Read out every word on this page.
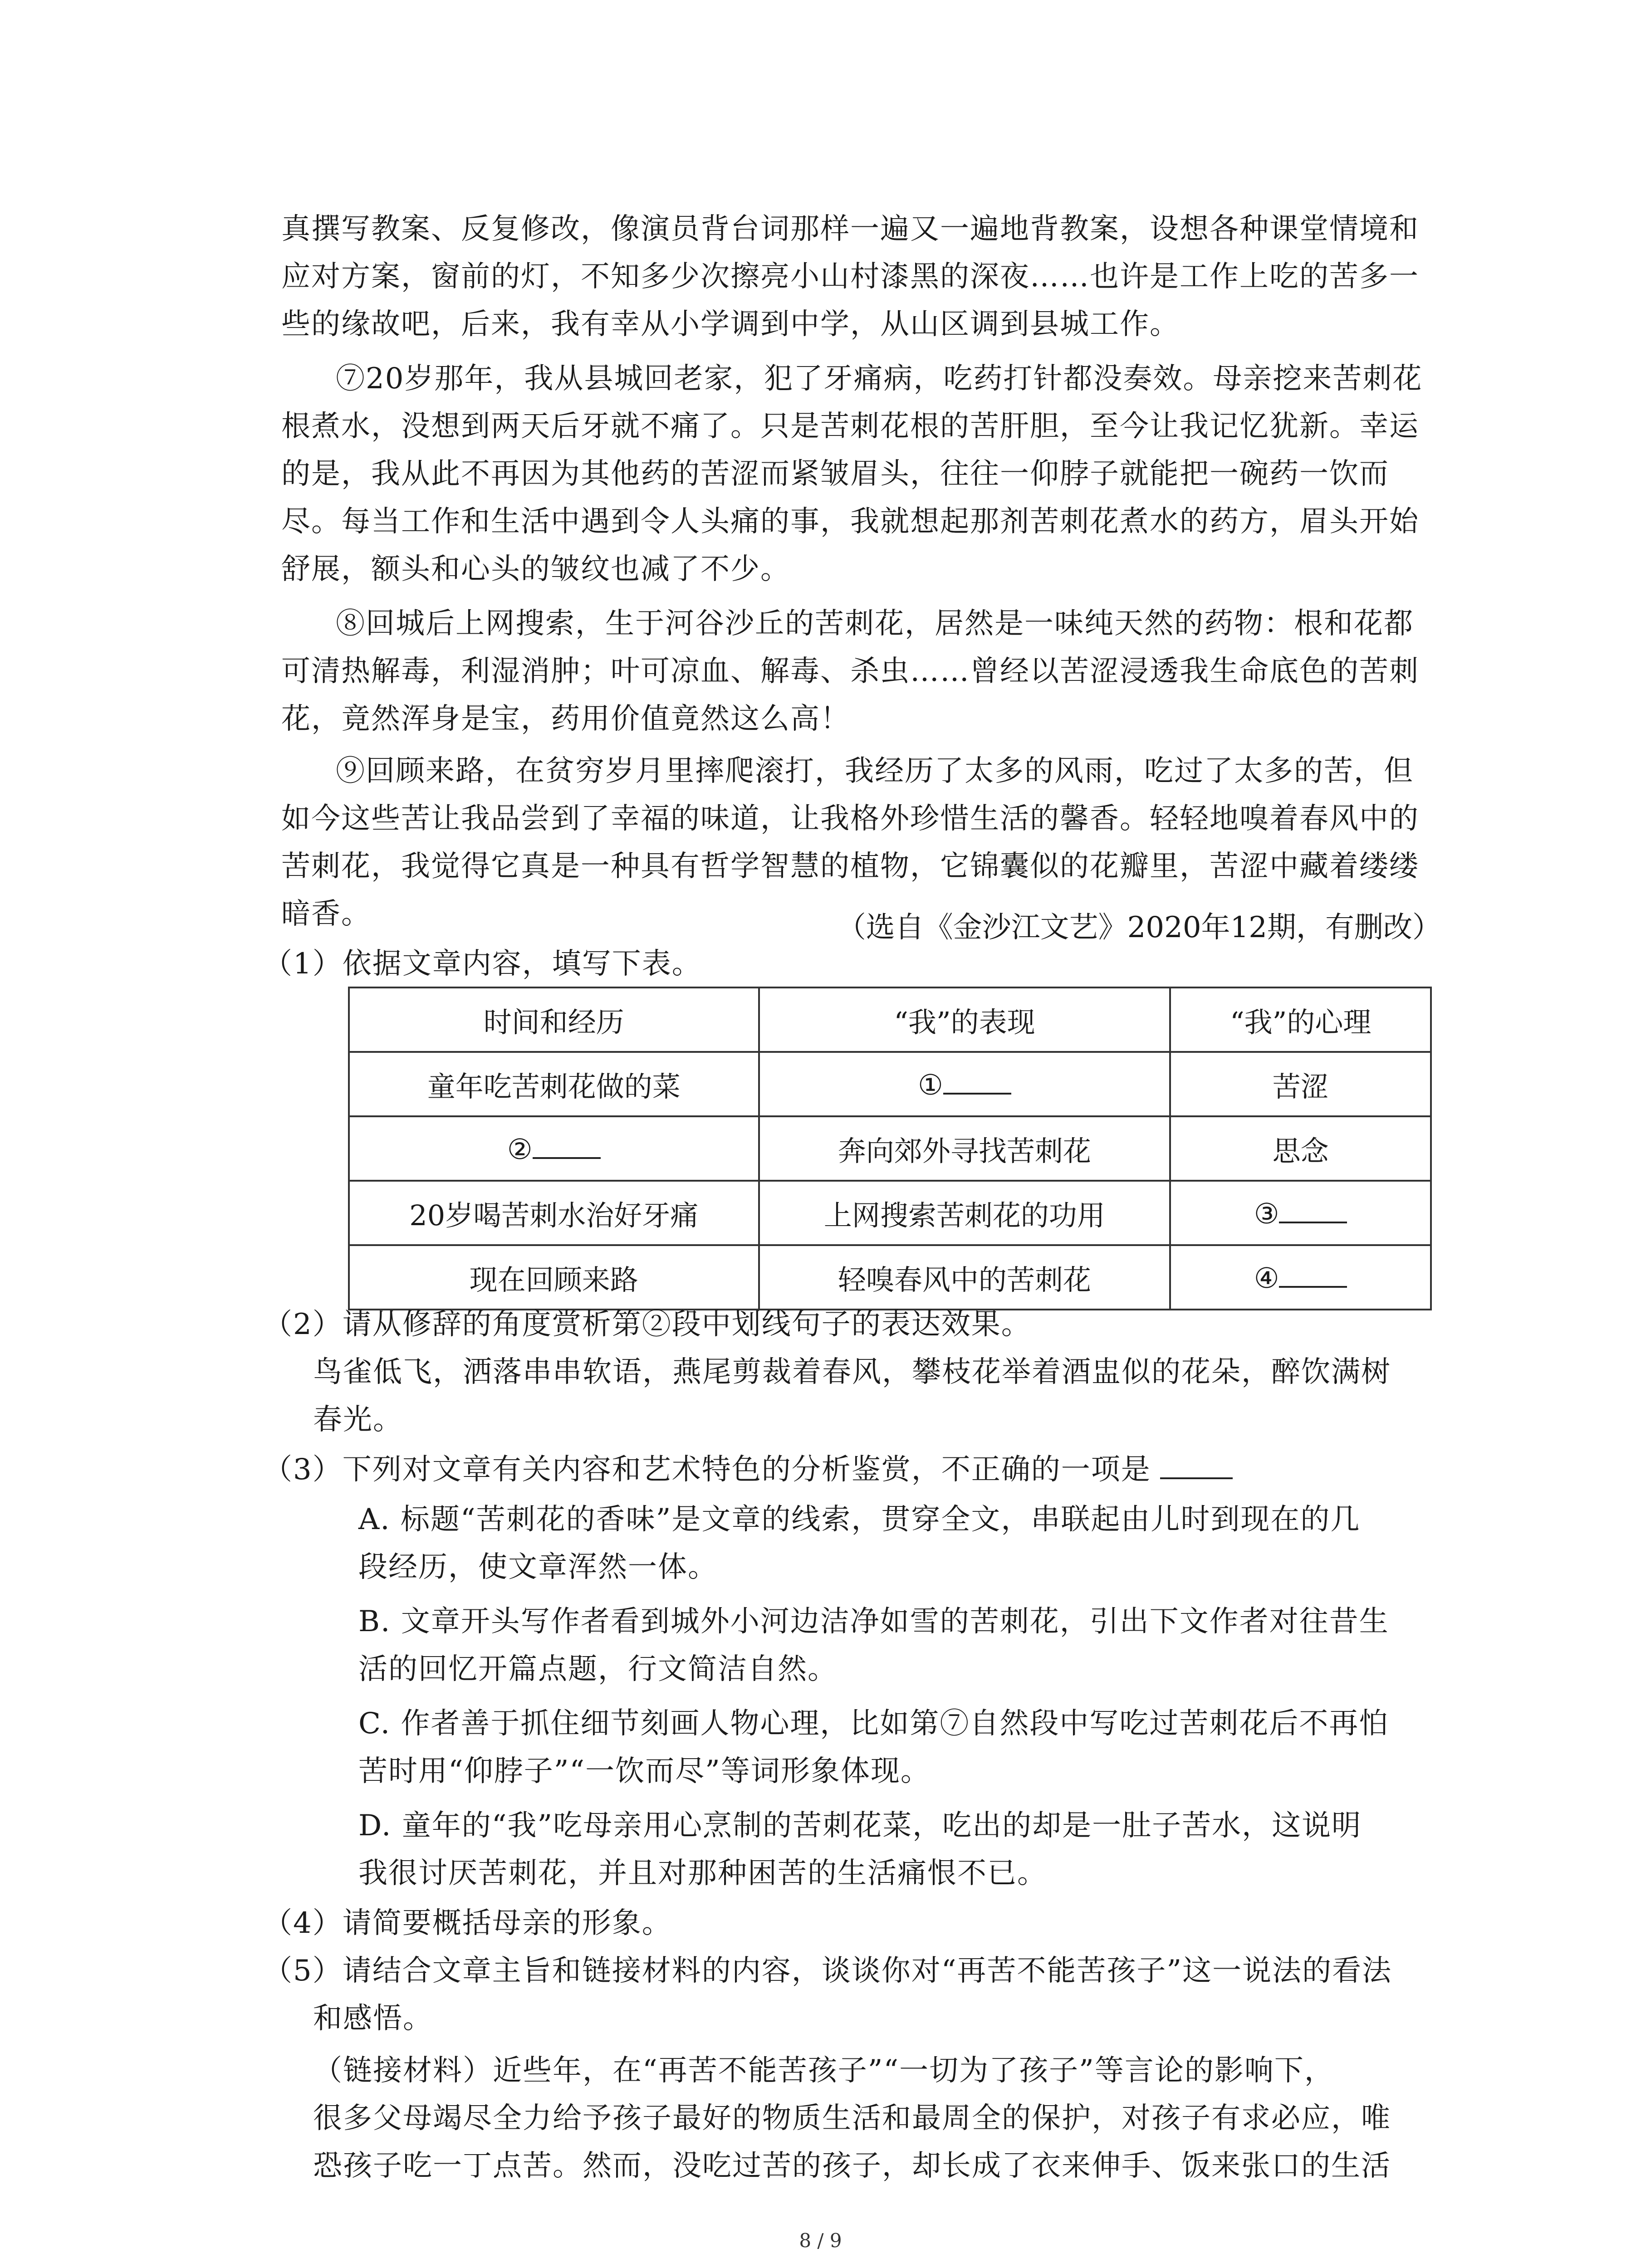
真撰写教案、反复修改，像演员背台词那样一遍又一遍地背教案，设想各种课堂情境和
应对方案，窗前的灯，不知多少次擦亮小山村漆黑的深夜……也许是工作上吃的苦多一
些的缘故吧，后来，我有幸从小学调到中学，从山区调到县城工作。
⑦20岁那年，我从县城回老家，犯了牙痛病，吃药打针都没奏效。母亲挖来苦刺花
根煮水，没想到两天后牙就不痛了。只是苦刺花根的苦肝胆，至今让我记忆犹新。幸运
的是，我从此不再因为其他药的苦涩而紧皱眉头，往往一仰脖子就能把一碗药一饮而
尽。每当工作和生活中遇到令人头痛的事，我就想起那剂苦刺花煮水的药方，眉头开始
舒展，额头和心头的皱纹也减了不少。
⑧回城后上网搜索，生于河谷沙丘的苦刺花，居然是一味纯天然的药物：根和花都
可清热解毒，利湿消肿；叶可凉血、解毒、杀虫……曾经以苦涩浸透我生命底色的苦刺
花，竟然浑身是宝，药用价值竟然这么高！
⑨回顾来路，在贫穷岁月里摔爬滚打，我经历了太多的风雨，吃过了太多的苦，但
如今这些苦让我品尝到了幸福的味道，让我格外珍惜生活的馨香。轻轻地嗅着春风中的
苦刺花，我觉得它真是一种具有哲学智慧的植物，它锦囊似的花瓣里，苦涩中藏着缕缕
暗香。	（选自《金沙江文艺》2020年12期，有删改）
（1）依据文章内容，填写下表。
时间和经历	“我”的表现	“我”的心理
童年吃苦刺花做的菜	①	苦涩
②	奔向郊外寻找苦刺花	思念
20岁喝苦刺水治好牙痛	上网搜索苦刺花的功用	③
现在回顾来路	轻嗅春风中的苦刺花	④
（2）请从修辞的角度赏析第②段中划线句子的表达效果。
鸟雀低飞，洒落串串软语，燕尾剪裁着春风，攀枝花举着酒盅似的花朵，醉饮满树
春光。
（3）下列对文章有关内容和艺术特色的分析鉴赏，不正确的一项是
A. 标题“苦刺花的香味”是文章的线索，贯穿全文，串联起由儿时到现在的几
段经历，使文章浑然一体。
B. 文章开头写作者看到城外小河边洁净如雪的苦刺花，引出下文作者对往昔生
活的回忆开篇点题，行文简洁自然。
C. 作者善于抓住细节刻画人物心理，比如第⑦自然段中写吃过苦刺花后不再怕
苦时用“仰脖子”“一饮而尽”等词形象体现。
D. 童年的“我”吃母亲用心烹制的苦刺花菜，吃出的却是一肚子苦水，这说明
我很讨厌苦刺花，并且对那种困苦的生活痛恨不已。
（4）请简要概括母亲的形象。
（5）请结合文章主旨和链接材料的内容，谈谈你对“再苦不能苦孩子”这一说法的看法
和感悟。
（链接材料）近些年，在“再苦不能苦孩子”“一切为了孩子”等言论的影响下，
很多父母竭尽全力给予孩子最好的物质生活和最周全的保护，对孩子有求必应，唯
恐孩子吃一丁点苦。然而，没吃过苦的孩子，却长成了衣来伸手、饭来张口的生活
8 / 9
